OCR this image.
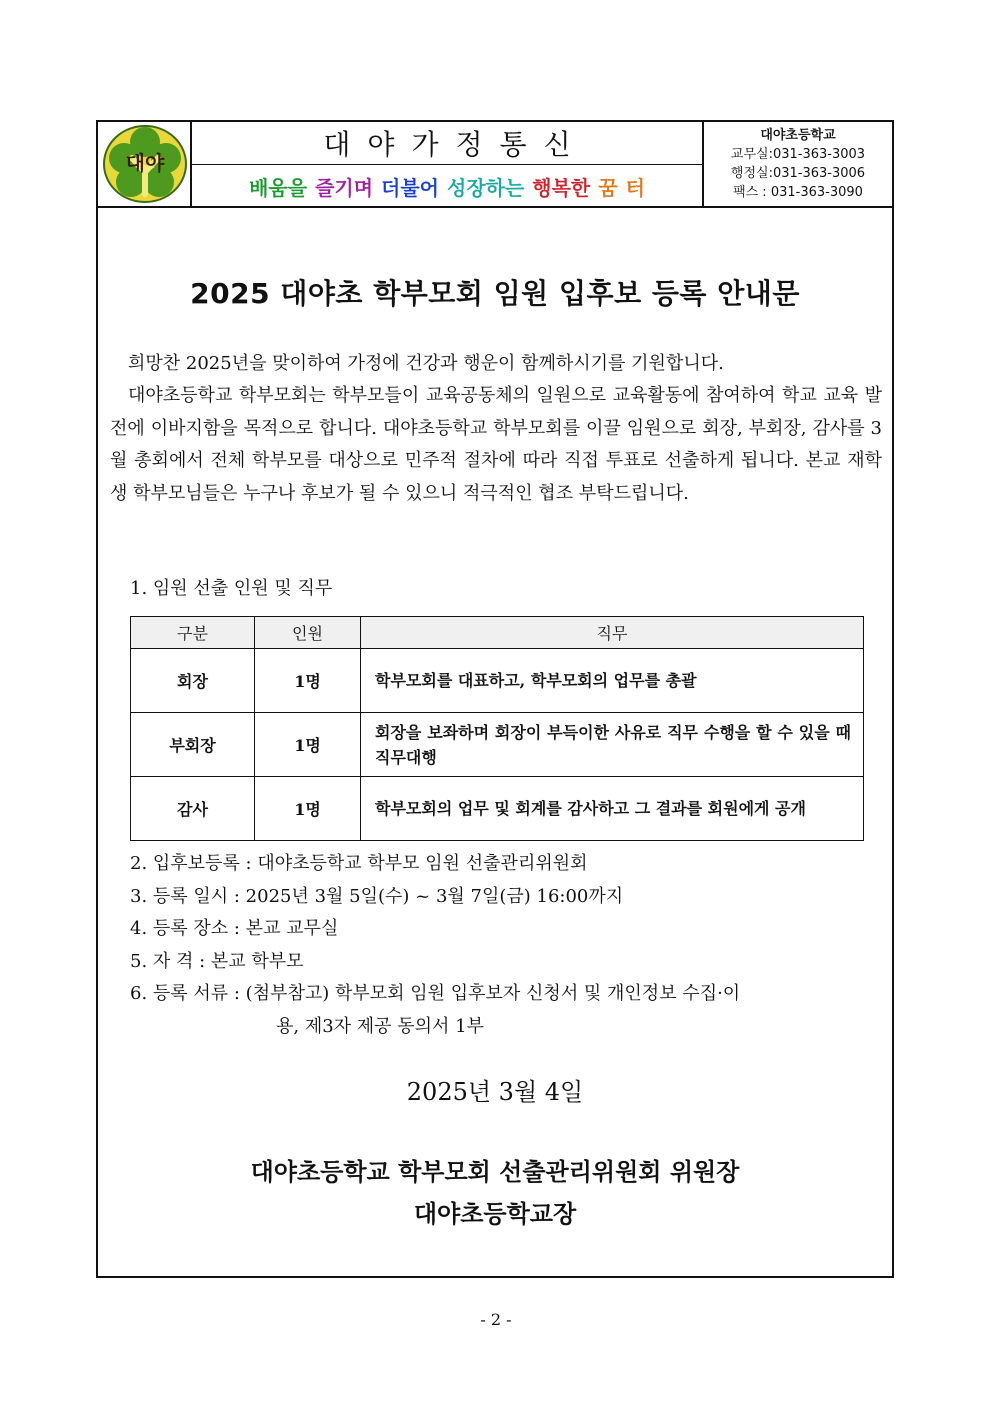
대야
대야가정통신
배움을 즐기며 더불어 성장하는 행복한 꿈 터
대야초등학교
교무실:031-363-3003
행정실:031-363-3006
팩스 : 031-363-3090
2025 대야초 학부모회 임원 입후보 등록 안내문
희망찬 2025년을 맞이하여 가정에 건강과 행운이 함께하시기를 기원합니다.
대야초등학교 학부모회는 학부모들이 교육공동체의 일원으로 교육활동에 참여하여 학교 교육 발전에 이바지함을 목적으로 합니다. 대야초등학교 학부모회를 이끌 임원으로 회장, 부회장, 감사를 3월 총회에서 전체 학부모를 대상으로 민주적 절차에 따라 직접 투표로 선출하게 됩니다. 본교 재학생 학부모님들은 누구나 후보가 될 수 있으니 적극적인 협조 부탁드립니다.
1. 임원 선출 인원 및 직무
구분	인원	직무
회장	1명	학부모회를 대표하고, 학부모회의 업무를 총괄
부회장	1명	회장을 보좌하며 회장이 부득이한 사유로 직무 수행을 할 수 있을 때 직무대행
감사	1명	학부모회의 업무 및 회계를 감사하고 그 결과를 회원에게 공개
2. 입후보등록 : 대야초등학교 학부모 임원 선출관리위원회
3. 등록 일시 : 2025년 3월 5일(수) ~ 3월 7일(금) 16:00까지
4. 등록 장소 : 본교 교무실
5. 자 격 : 본교 학부모
6. 등록 서류 : (첨부참고) 학부모회 임원 입후보자 신청서 및 개인정보 수집·이
용, 제3자 제공 동의서 1부
2025년 3월 4일
대야초등학교 학부모회 선출관리위원회 위원장
대야초등학교장
- 2 -
